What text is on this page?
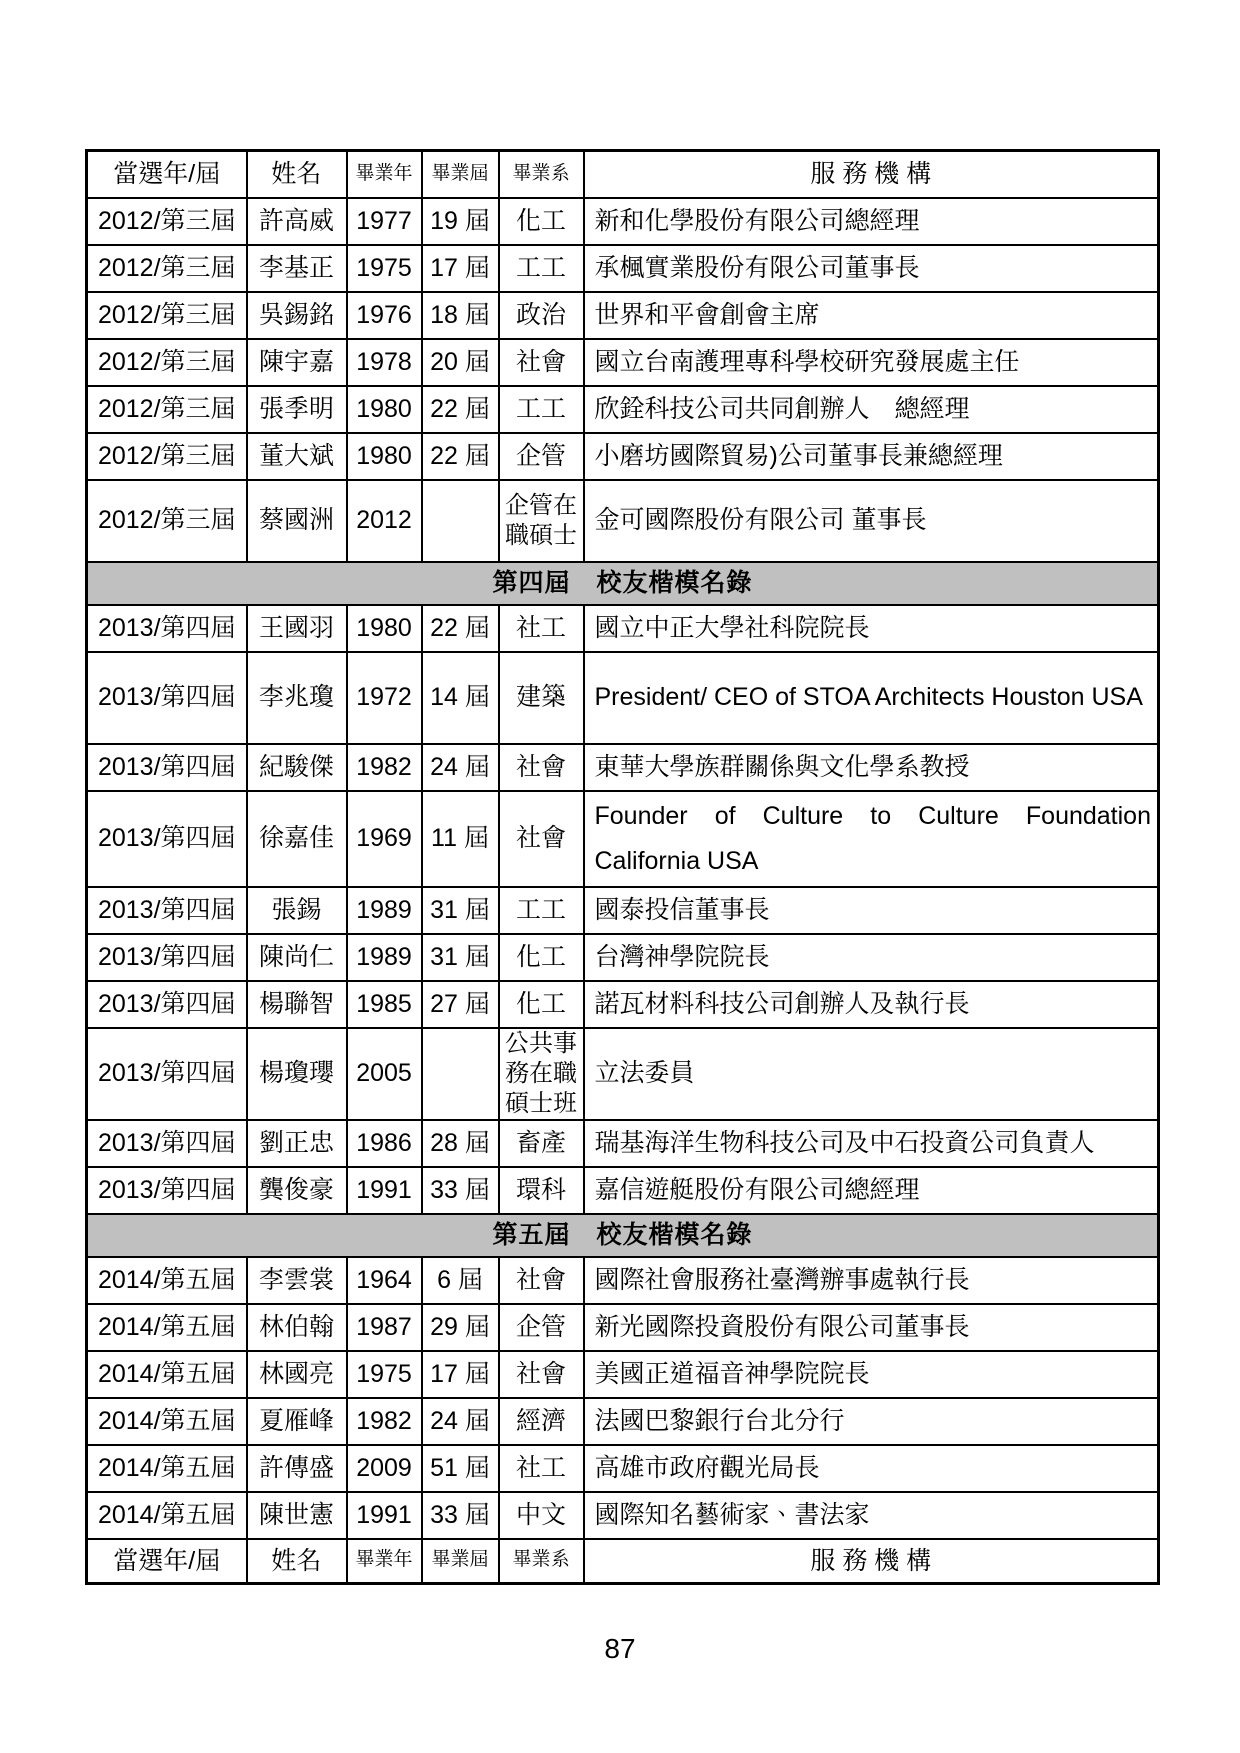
當選年/屆	姓名	畢業年	畢業屆	畢業系	服 務 機 構
2012/第三屆	許高威	1977	19 屆	化工	新和化學股份有限公司總經理
2012/第三屆	李基正	1975	17 屆	工工	承楓實業股份有限公司董事長
2012/第三屆	吳錫銘	1976	18 屆	政治	世界和平會創會主席
2012/第三屆	陳宇嘉	1978	20 屆	社會	國立台南護理專科學校研究發展處主任
2012/第三屆	張季明	1980	22 屆	工工	欣銓科技公司共同創辦人　總經理
2012/第三屆	董大斌	1980	22 屆	企管	小磨坊國際貿易)公司董事長兼總經理
2012/第三屆	蔡國洲	2012		企管在職碩士	金可國際股份有限公司 董事長
第四屆　校友楷模名錄					
2013/第四屆	王國羽	1980	22 屆	社工	國立中正大學社科院院長
2013/第四屆	李兆瓊	1972	14 屆	建築	President/ CEO of STOA Architects Houston USA
2013/第四屆	紀駿傑	1982	24 屆	社會	東華大學族群關係與文化學系教授
2013/第四屆	徐嘉佳	1969	11 屆	社會	Founder of Culture to Culture Foundation California USA
2013/第四屆	張錫	1989	31 屆	工工	國泰投信董事長
2013/第四屆	陳尚仁	1989	31 屆	化工	台灣神學院院長
2013/第四屆	楊聯智	1985	27 屆	化工	諾瓦材料科技公司創辦人及執行長
2013/第四屆	楊瓊瓔	2005		公共事務在職碩士班	立法委員
2013/第四屆	劉正忠	1986	28 屆	畜產	瑞基海洋生物科技公司及中石投資公司負責人
2013/第四屆	龔俊豪	1991	33 屆	環科	嘉信遊艇股份有限公司總經理
第五屆　校友楷模名錄					
2014/第五屆	李雲裳	1964	6 屆	社會	國際社會服務社臺灣辦事處執行長
2014/第五屆	林伯翰	1987	29 屆	企管	新光國際投資股份有限公司董事長
2014/第五屆	林國亮	1975	17 屆	社會	美國正道福音神學院院長
2014/第五屆	夏雁峰	1982	24 屆	經濟	法國巴黎銀行台北分行
2014/第五屆	許傳盛	2009	51 屆	社工	高雄市政府觀光局長
2014/第五屆	陳世憲	1991	33 屆	中文	國際知名藝術家、書法家
當選年/屆	姓名	畢業年	畢業屆	畢業系	服 務 機 構
87
